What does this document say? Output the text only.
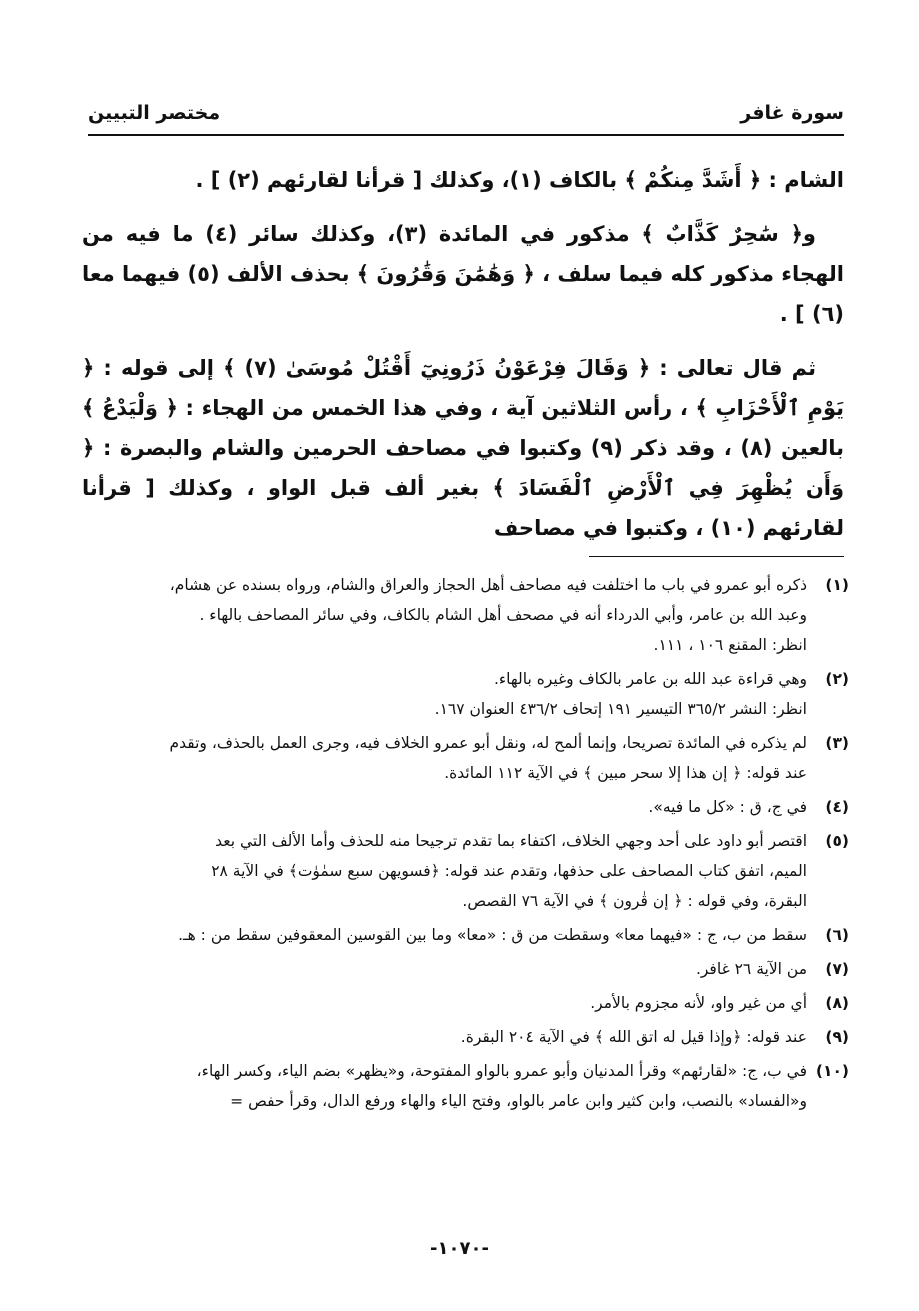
سورة غافر
مختصر التبيين

الشام : ﴿ أَشَدَّ مِنكُمْ ﴾ بالكاف (١)، وكذلك [ قرأنا لقارئهم (٢) ] .

و﴿ سَٰحِرٌ كَذَّابٌ ﴾ مذكور في المائدة (٣)، وكذلك سائر (٤) ما فيه من الهجاء مذكور كله فيما سلف ، ﴿ وَهَٰمَٰنَ وَقَٰرُونَ ﴾ بحذف الألف (٥) فيهما معا (٦) ] .

ثم قال تعالى : ﴿ وَقَالَ فِرْعَوْنُ ذَرُونِيٓ أَقْتُلْ مُوسَىٰ (٧) ﴾ إلى قوله : ﴿ يَوْمِ ٱلْأَحْزَابِ ﴾ ، رأس الثلاثين آية ، وفي هذا الخمس من الهجاء : ﴿ وَلْيَدْعُ ﴾ بالعين (٨) ، وقد ذكر (٩) وكتبوا في مصاحف الحرمين والشام والبصرة : ﴿ وَأَن يُظْهِرَ فِي ٱلْأَرْضِ ٱلْفَسَادَ ﴾ بغير ألف قبل الواو ، وكذلك [ قرأنا لقارئهم (١٠) ، وكتبوا في مصاحف

(١)
ذكره أبو عمرو في باب ما اختلفت فيه مصاحف أهل الحجاز والعراق والشام، ورواه بسنده عن هشام،
وعبد الله بن عامر، وأبي الدرداء أنه في مصحف أهل الشام بالكاف، وفي سائر المصاحف بالهاء .
انظر: المقنع ١٠٦ ، ١١١.
(٢)
وهي قراءة عبد الله بن عامر بالكاف وغيره بالهاء.
انظر: النشر ٣٦٥/٢ التيسير ١٩١ إتحاف ٤٣٦/٢ العنوان ١٦٧.
(٣)
لم يذكره في المائدة تصريحا، وإنما ألمح له، ونقل أبو عمرو الخلاف فيه، وجرى العمل بالحذف، وتقدم
عند قوله: ﴿ إن هذا إلا سحر مبين ﴾ في الآية ١١٢ المائدة.
(٤)
في ج، ق : «كل ما فيه».
(٥)
اقتصر أبو داود على أحد وجهي الخلاف، اكتفاء بما تقدم ترجيحا منه للحذف وأما الألف التي بعد
الميم، اتفق كتاب المصاحف على حذفها، وتقدم عند قوله: ﴿فسويهن سبع سمٰوٰت﴾ في الآية ٢٨
البقرة، وفي قوله : ﴿ إن قٰرون ﴾ في الآية ٧٦ القصص.
(٦)
سقط من ب، ج : «فيهما معا» وسقطت من ق : «معا» وما بين القوسين المعقوفين سقط من : هـ.
(٧)
من الآية ٢٦ غافر.
(٨)
أي من غير واو، لأنه مجزوم بالأمر.
(٩)
عند قوله: ﴿وإذا قيل له اتق الله ﴾ في الآية ٢٠٤ البقرة.
(١٠)
في ب، ج: «لقارئهم» وقرأ المدنيان وأبو عمرو بالواو المفتوحة، و«يظهر» بضم الياء، وكسر الهاء،
و«الفساد» بالنصب، وابن كثير وابن عامر بالواو، وفتح الياء والهاء ورفع الدال، وقرأ حفص =
-١٠٧٠-
